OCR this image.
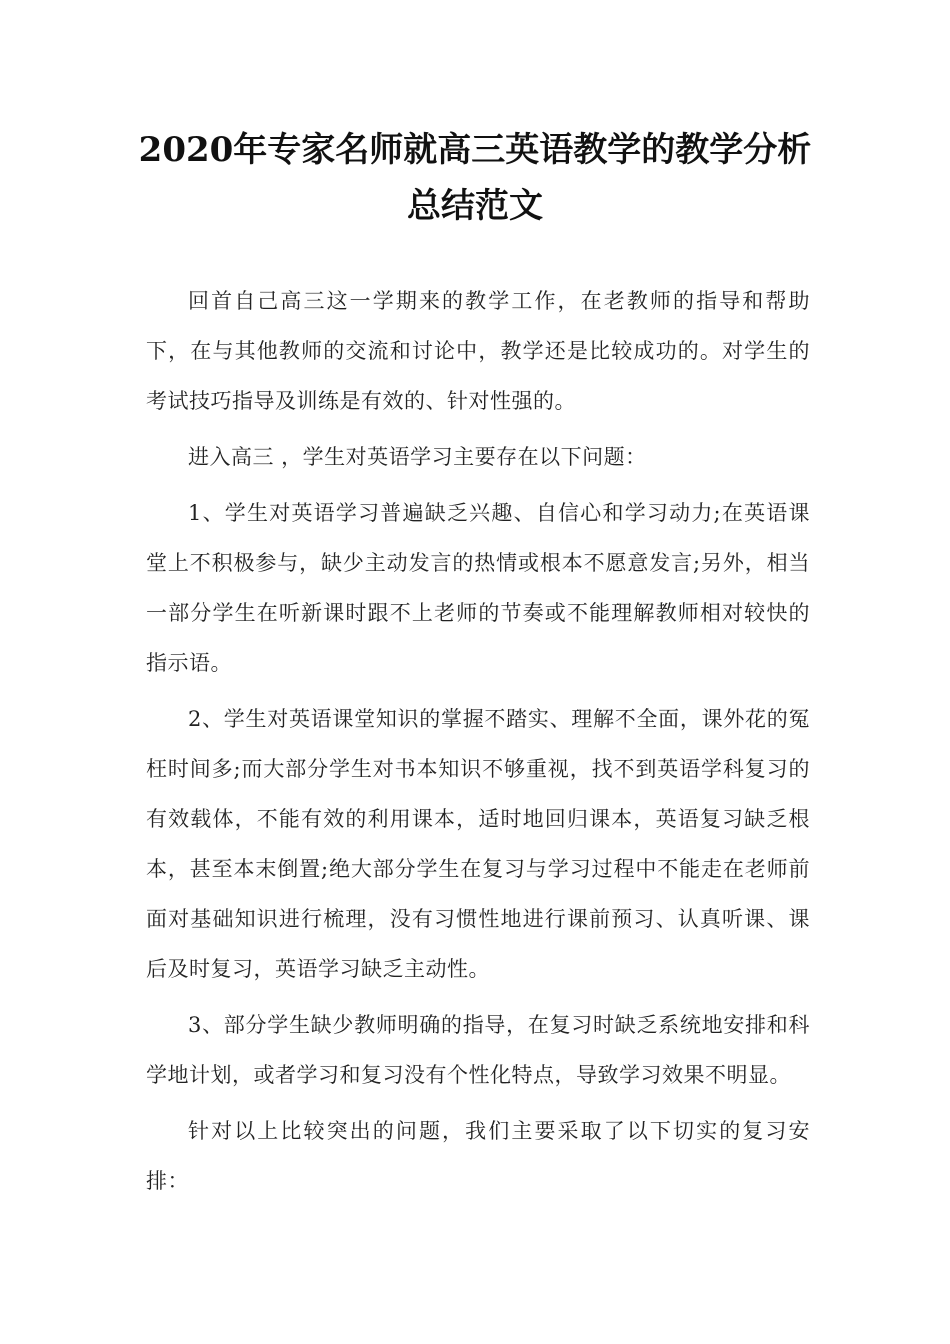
2020年专家名师就高三英语教学的教学分析总结范文

回首自己高三这一学期来的教学工作，在老教师的指导和帮助下，在与其他教师的交流和讨论中，教学还是比较成功的。对学生的考试技巧指导及训练是有效的、针对性强的。

进入高三 ，学生对英语学习主要存在以下问题：

1、学生对英语学习普遍缺乏兴趣、自信心和学习动力;在英语课堂上不积极参与，缺少主动发言的热情或根本不愿意发言;另外，相当一部分学生在听新课时跟不上老师的节奏或不能理解教师相对较快的指示语。

2、学生对英语课堂知识的掌握不踏实、理解不全面，课外花的冤枉时间多;而大部分学生对书本知识不够重视，找不到英语学科复习的有效载体，不能有效的利用课本，适时地回归课本，英语复习缺乏根本，甚至本末倒置;绝大部分学生在复习与学习过程中不能走在老师前面对基础知识进行梳理，没有习惯性地进行课前预习、认真听课、课后及时复习，英语学习缺乏主动性。

3、部分学生缺少教师明确的指导，在复习时缺乏系统地安排和科学地计划，或者学习和复习没有个性化特点，导致学习效果不明显。

针对以上比较突出的问题，我们主要采取了以下切实的复习安排：
